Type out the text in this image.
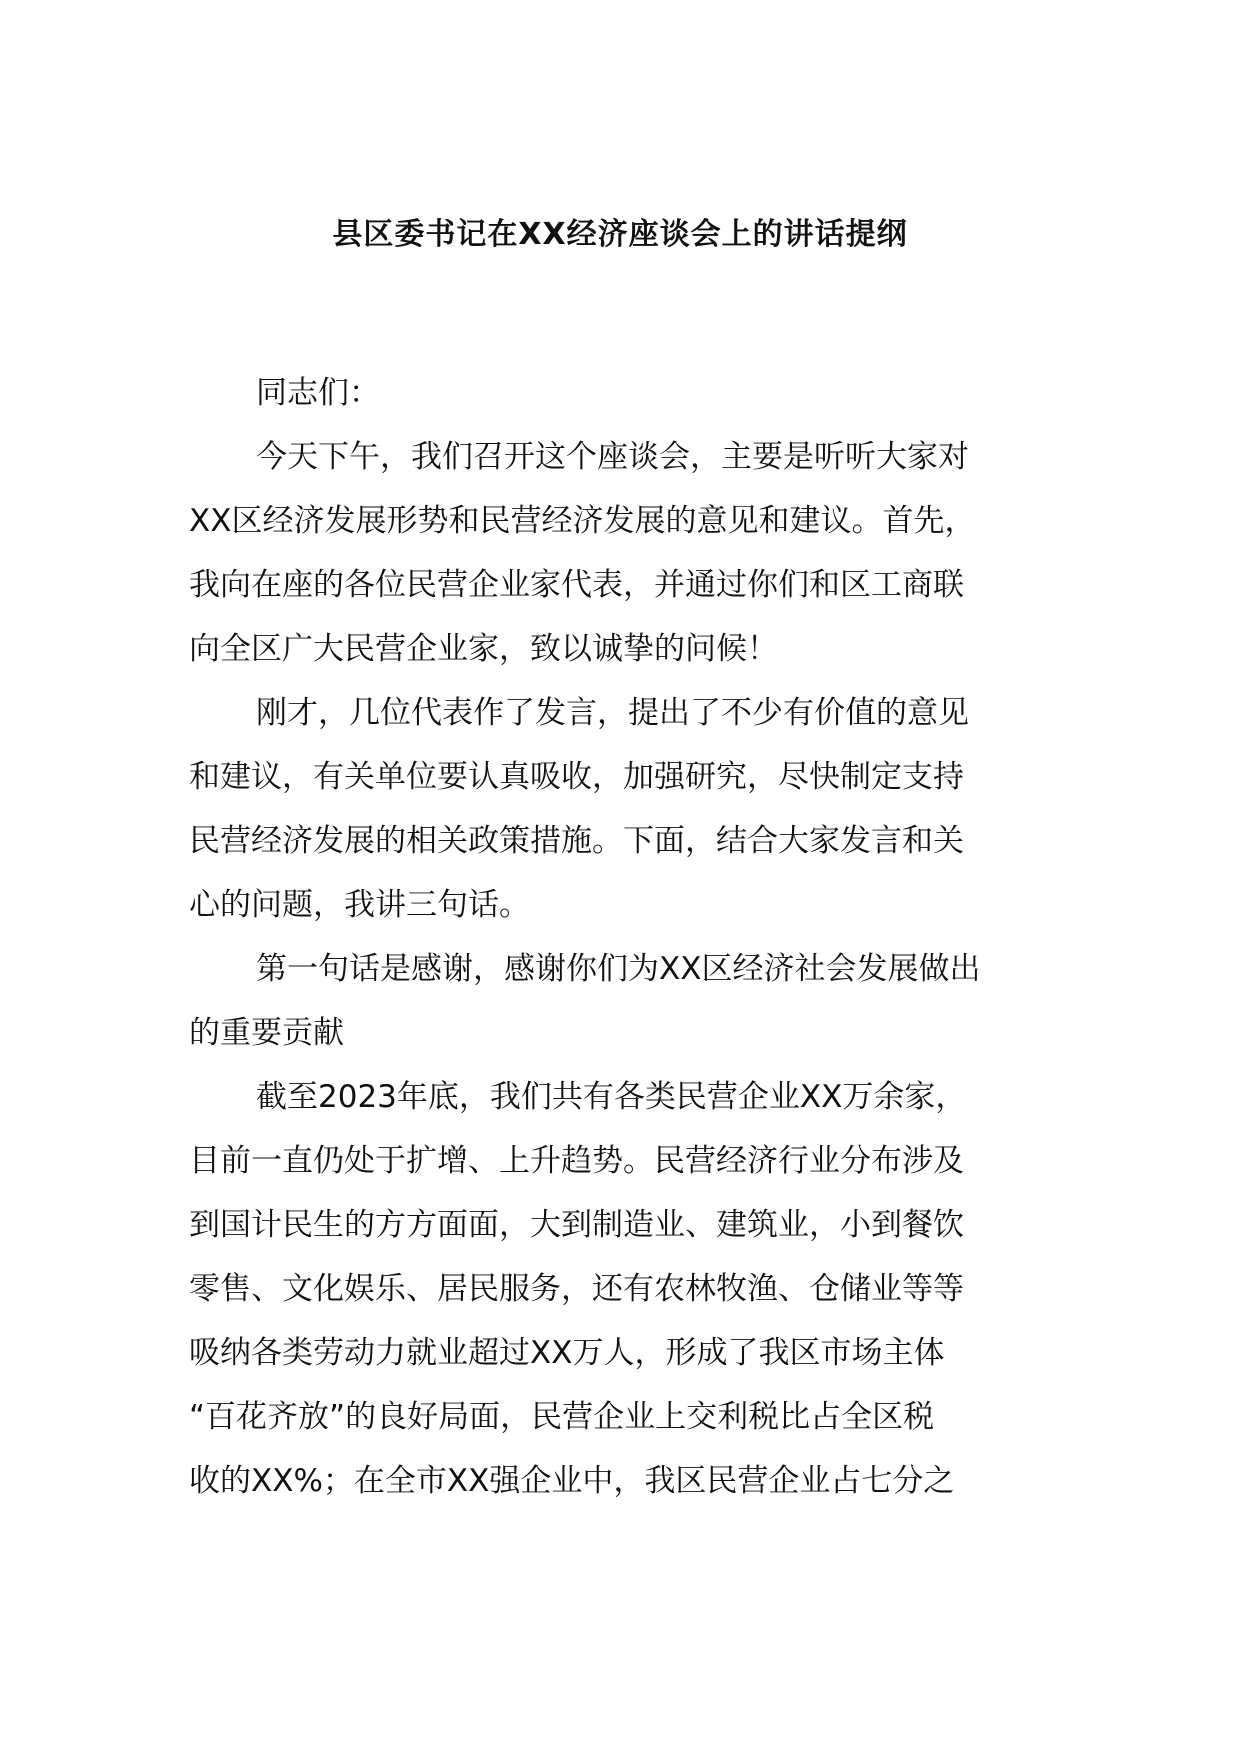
县区委书记在XX经济座谈会上的讲话提纲
同志们：
今天下午，我们召开这个座谈会，主要是听听大家对
XX区经济发展形势和民营经济发展的意见和建议。首先，
我向在座的各位民营企业家代表，并通过你们和区工商联
向全区广大民营企业家，致以诚挚的问候！
刚才，几位代表作了发言，提出了不少有价值的意见
和建议，有关单位要认真吸收，加强研究，尽快制定支持
民营经济发展的相关政策措施。下面，结合大家发言和关
心的问题，我讲三句话。
第一句话是感谢，感谢你们为XX区经济社会发展做出
的重要贡献
截至2023年底，我们共有各类民营企业XX万余家，
目前一直仍处于扩增、上升趋势。民营经济行业分布涉及
到国计民生的方方面面，大到制造业、建筑业，小到餐饮
零售、文化娱乐、居民服务，还有农林牧渔、仓储业等等
吸纳各类劳动力就业超过XX万人，形成了我区市场主体
“百花齐放”的良好局面，民营企业上交利税比占全区税
收的XX%；在全市XX强企业中，我区民营企业占七分之
